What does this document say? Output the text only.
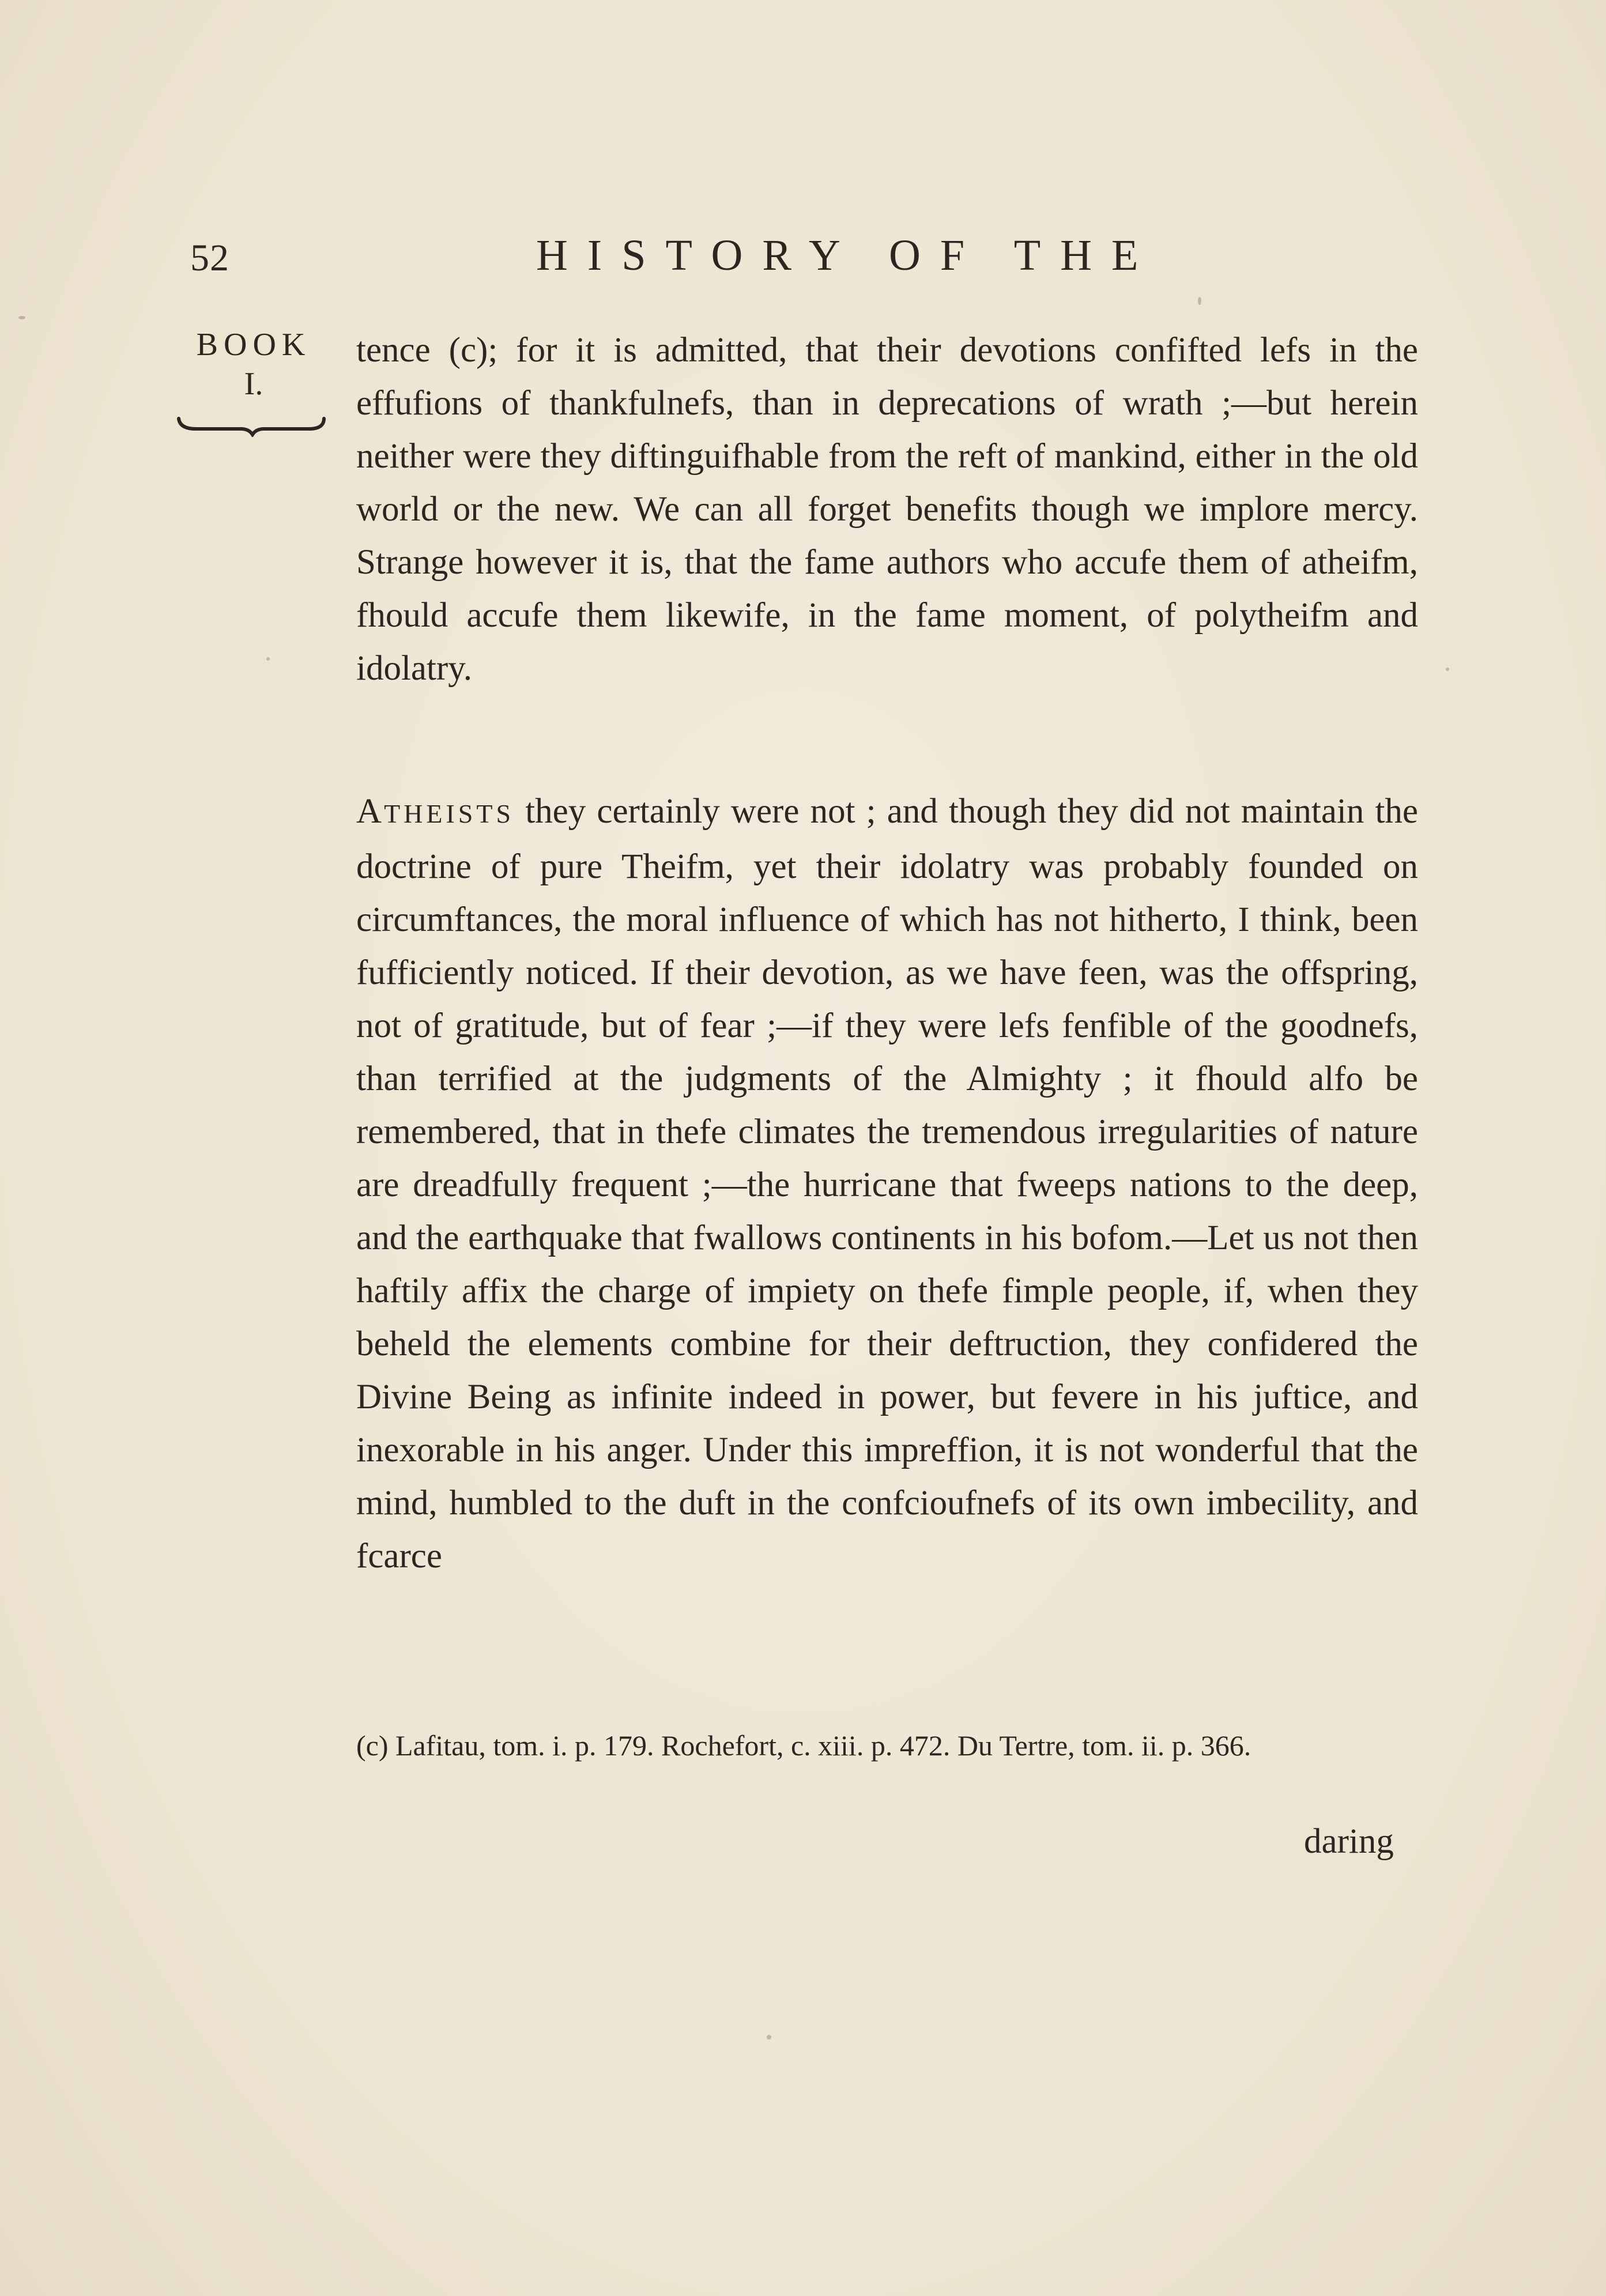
52	HISTORY OF THE
BOOK
I.

tence (c); for it is admitted, that their devotions confifted lefs in the effufions of thankfulnefs, than in deprecations of wrath ;—but herein neither were they diftinguifhable from the reft of mankind, either in the old world or the new. We can all forget benefits though we implore mercy. Strange however it is, that the fame authors who accufe them of atheifm, fhould accufe them likewife, in the fame moment, of polytheifm and idolatry.

ATHEISTS they certainly were not ; and though they did not maintain the doctrine of pure Theifm, yet their idolatry was probably founded on circumftances, the moral influence of which has not hitherto, I think, been fufficiently noticed. If their devotion, as we have feen, was the offspring, not of gratitude, but of fear ;—if they were lefs fenfible of the goodnefs, than terrified at the judgments of the Almighty ; it fhould alfo be remembered, that in thefe climates the tremendous irregularities of nature are dreadfully frequent ;—the hurricane that fweeps nations to the deep, and the earthquake that fwallows continents in his bofom.—Let us not then haftily affix the charge of impiety on thefe fimple people, if, when they beheld the elements combine for their deftruction, they confidered the Divine Being as infinite indeed in power, but fevere in his juftice, and inexorable in his anger. Under this impreffion, it is not wonderful that the mind, humbled to the duft in the confcioufnefs of its own imbecility, and fcarce

(c) Lafitau, tom. i. p. 179. Rochefort, c. xiii. p. 472. Du Tertre, tom. ii. p. 366.
daring
